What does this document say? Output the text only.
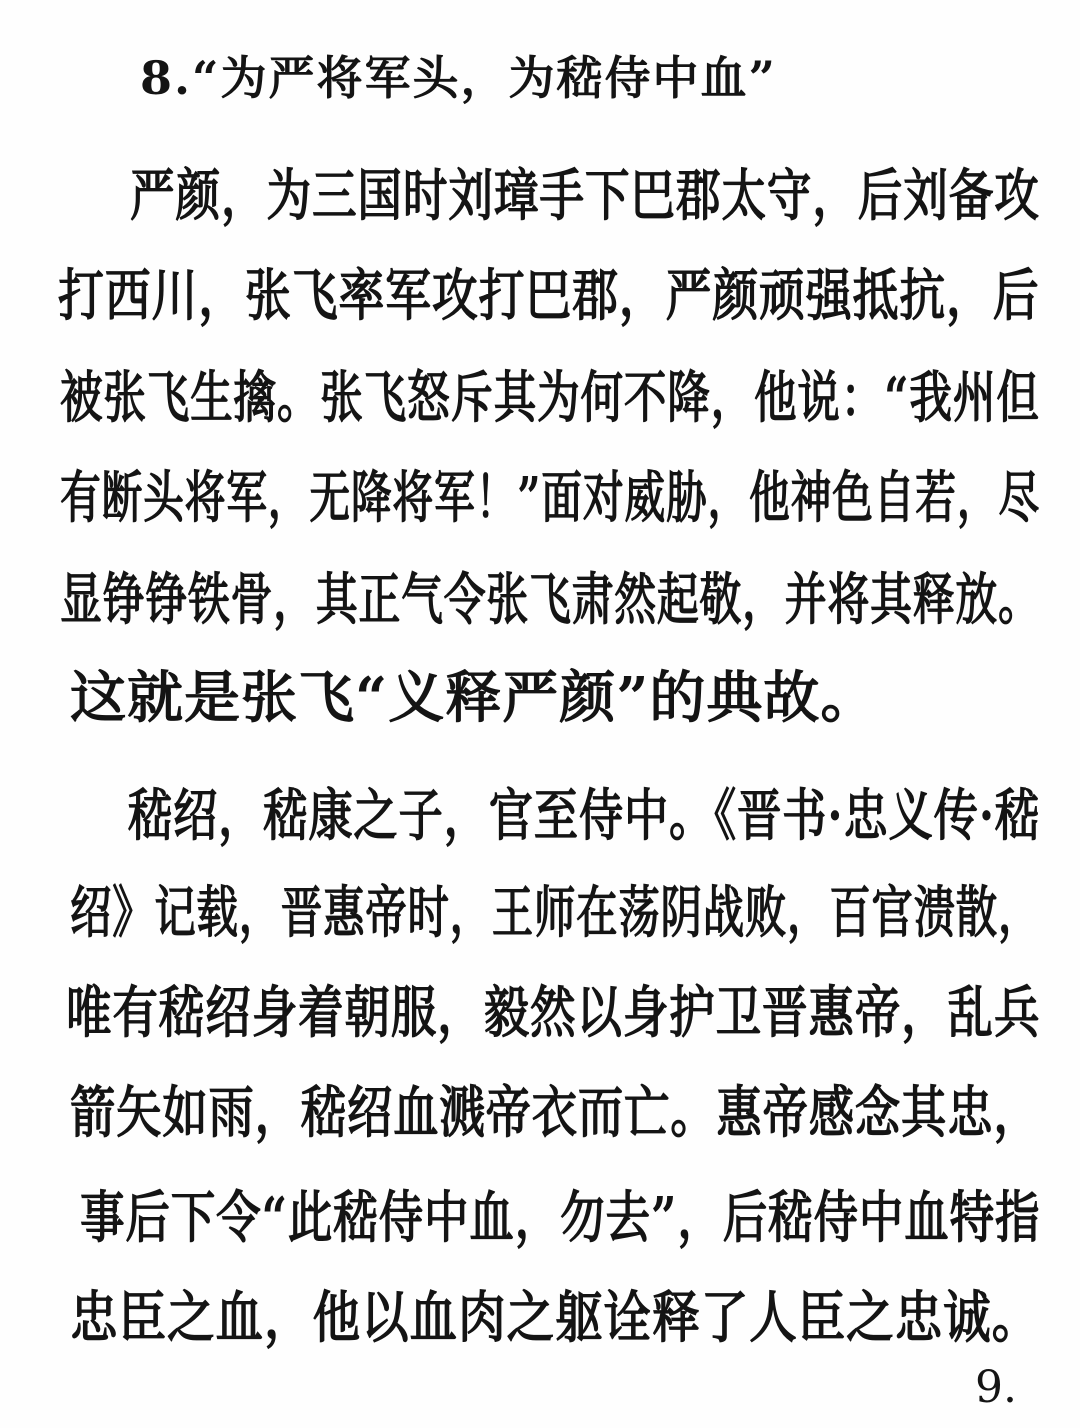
8.“为严将军头，为嵇侍中血”
严颜，为三国时刘璋手下巴郡太守，后刘备攻
打西川，张飞率军攻打巴郡，严颜顽强抵抗，后
被张飞生擒。张飞怒斥其为何不降，他说：“我州但
有断头将军，无降将军！”面对威胁，他神色自若，尽
显铮铮铁骨，其正气令张飞肃然起敬，并将其释放。
这就是张飞“义释严颜”的典故。
嵇绍，嵇康之子，官至侍中。《晋书·忠义传·嵇
绍》记载，晋惠帝时，王师在荡阴战败，百官溃散，
唯有嵇绍身着朝服，毅然以身护卫晋惠帝，乱兵
箭矢如雨，嵇绍血溅帝衣而亡。惠帝感念其忠，
事后下令“此嵇侍中血，勿去”，后嵇侍中血特指
忠臣之血，他以血肉之躯诠释了人臣之忠诚。
9.
